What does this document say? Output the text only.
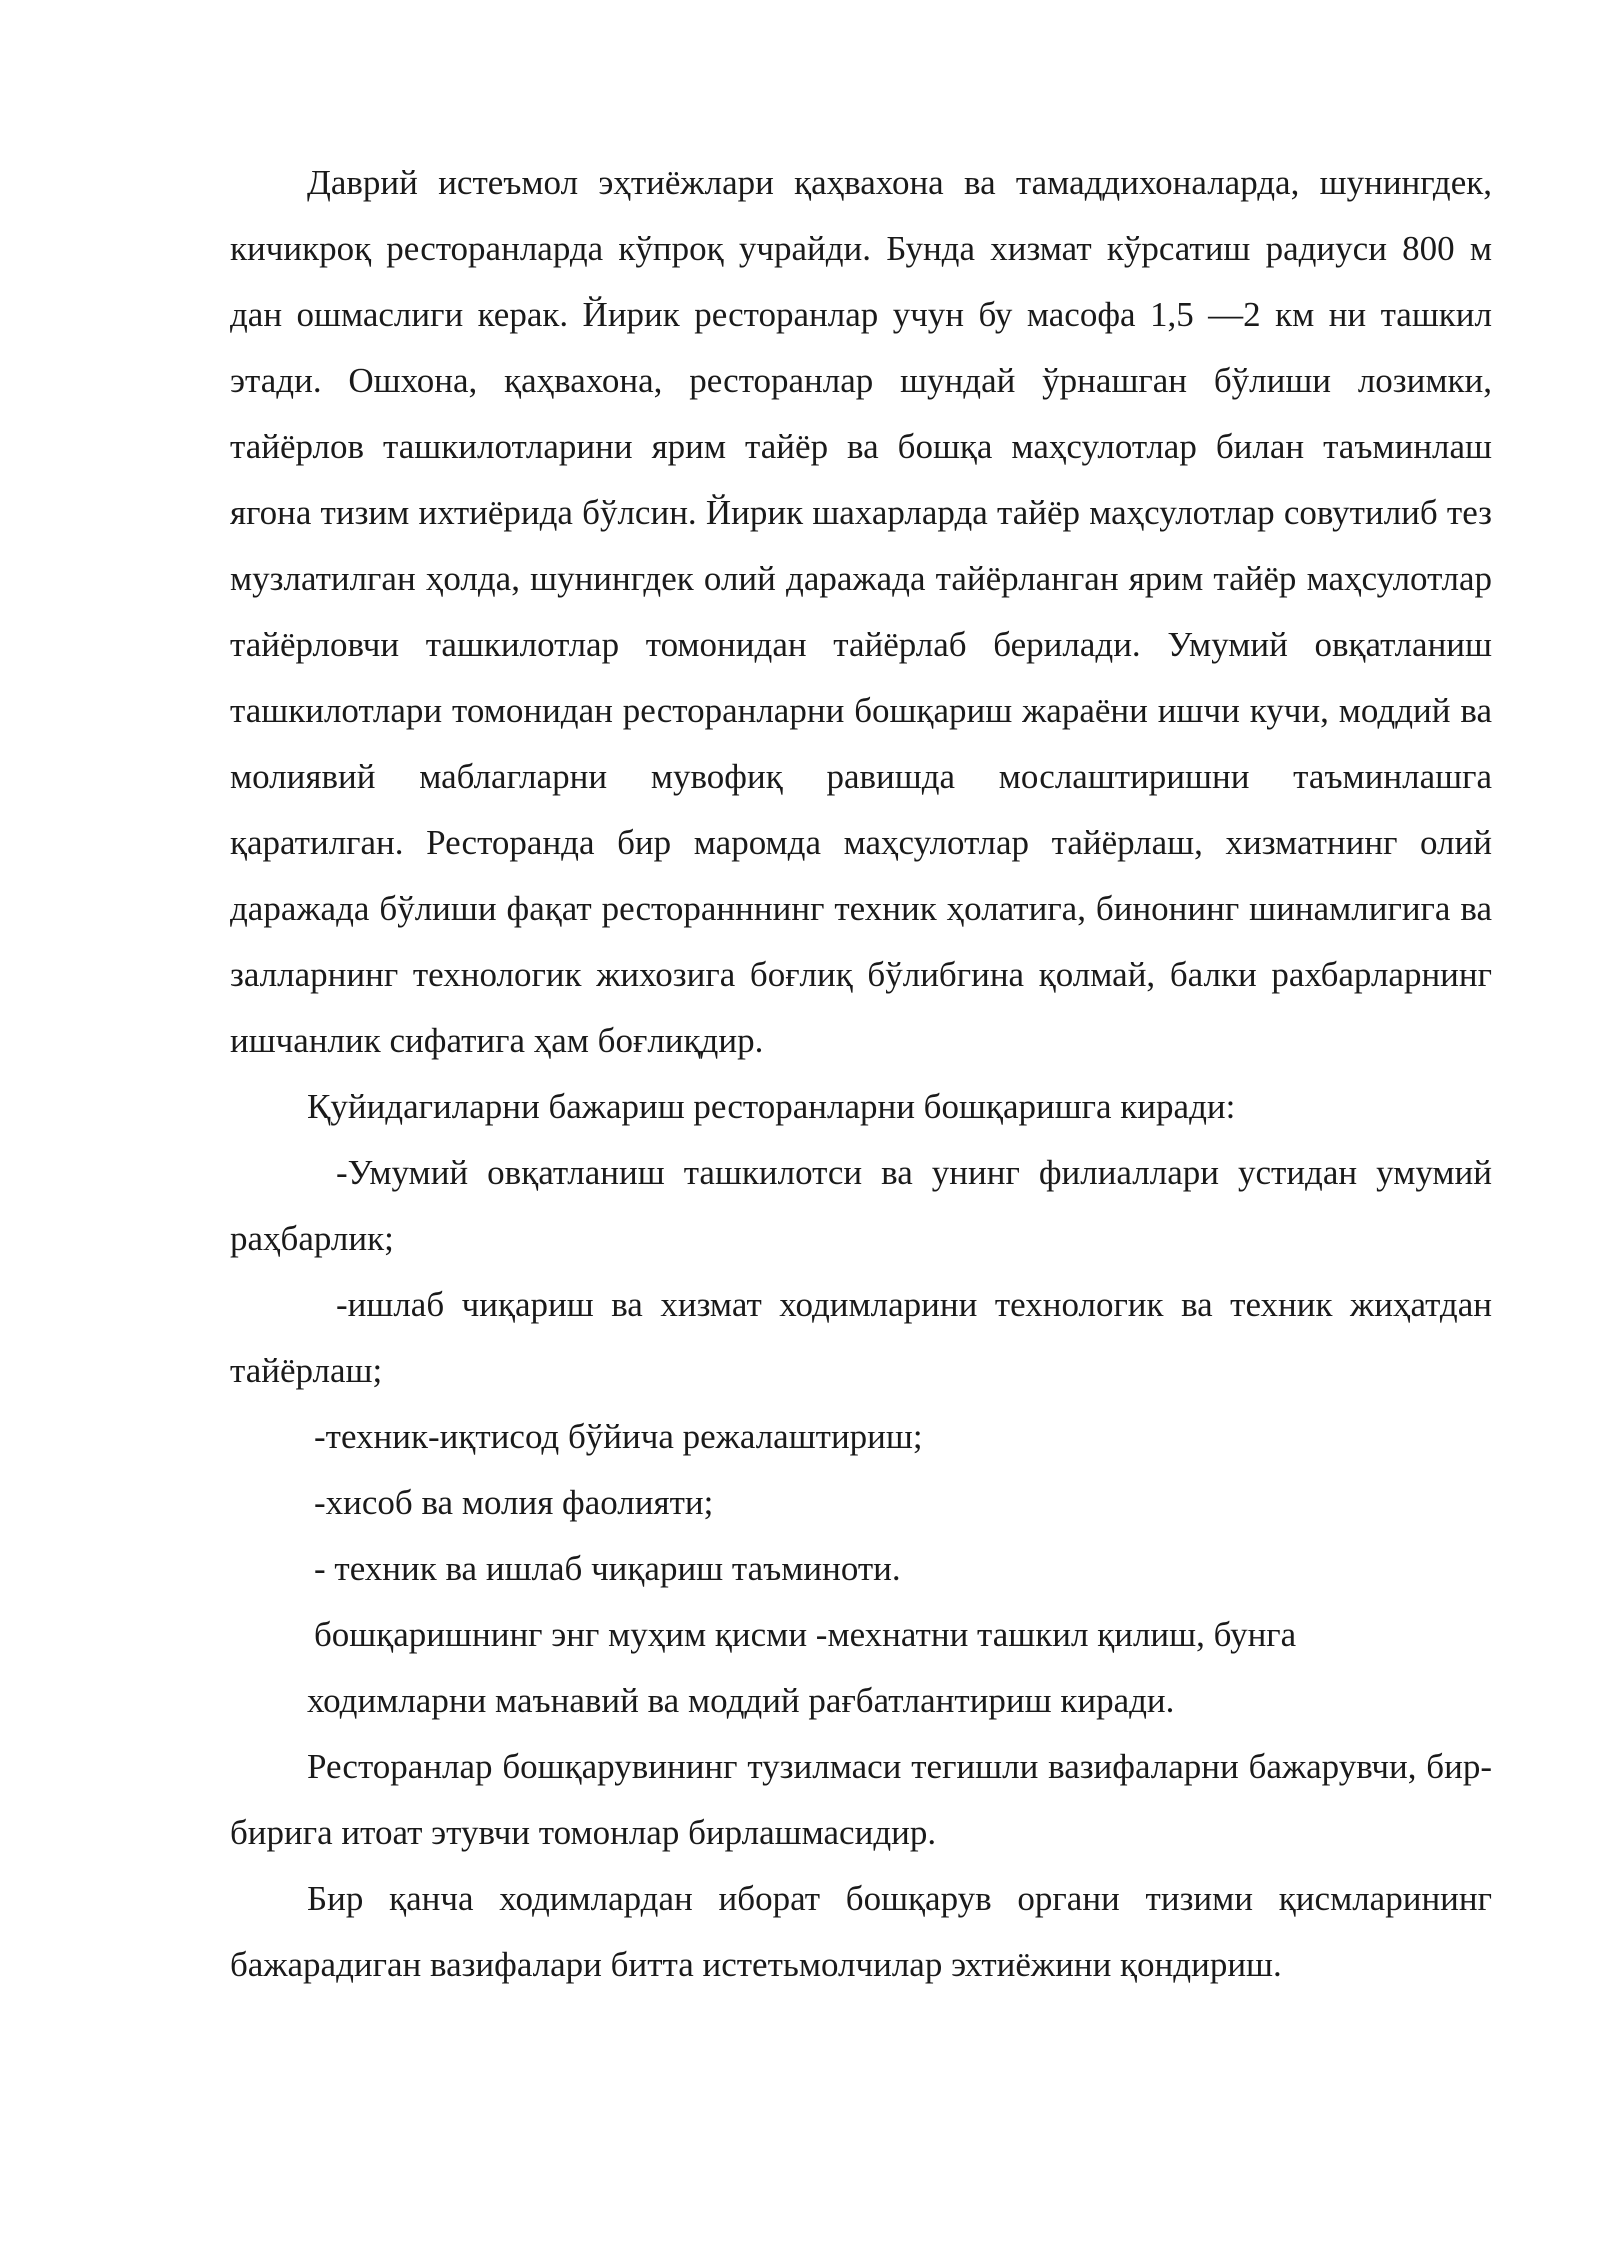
Даврий истеъмол эҳтиёжлари қаҳвахона ва тамаддихоналарда, шунингдек, кичикроқ ресторанларда кўпроқ учрайди. Бунда хизмат кўрсатиш радиуси 800 м дан ошмаслиги керак. Йирик ресторанлар учун бу масофа 1,5 —2 км ни ташкил этади. Ошхона, қаҳвахона, ресторанлар шундай ўрнашган бўлиши лозимки, тайёрлов ташкилотларини ярим тайёр ва бошқа маҳсулотлар билан таъминлаш ягона тизим ихтиёрида бўлсин. Йирик шахарларда тайёр маҳсулотлар совутилиб тез музлатилган ҳолда, шунингдек олий даражада тайёрланган ярим тайёр маҳсулотлар тайёрловчи ташкилотлар томонидан тайёрлаб берилади. Умумий овқатланиш ташкилотлари томонидан ресторанларни бошқариш жараёни ишчи кучи, моддий ва молиявий маблагларни мувофиқ равишда мослаштиришни таъминлашга қаратилган. Ресторанда бир маромда маҳсулотлар тайёрлаш, хизматнинг олий даражада бўлиши фақат ресторанннинг техник ҳолатига, бинонинг шинамлигига ва залларнинг технологик жихозига боғлиқ бўлибгина қолмай, балки рахбарларнинг ишчанлик сифатига ҳам боғлиқдир.

Қуйидагиларни бажариш ресторанларни бошқаришга киради:

-Умумий овқатланиш ташкилотси ва унинг филиаллари устидан умумий раҳбарлик;

-ишлаб чиқариш ва хизмат ходимларини технологик ва техник жиҳатдан тайёрлаш;

-техник-иқтисод бўйича режалаштириш;

-хисоб ва молия фаолияти;

- техник ва ишлаб чиқариш таъминоти.

бошқаришнинг энг муҳим қисми -мехнатни ташкил қилиш, бунга

ходимларни маънавий ва моддий рағбатлантириш киради.

Ресторанлар бошқарувининг тузилмаси тегишли вазифаларни бажарувчи, бир-бирига итоат этувчи томонлар бирлашмасидир.

Бир қанча ходимлардан иборат бошқарув органи тизими қисмларининг бажарадиган вазифалари битта истетьмолчилар эхтиёжини қондириш.
